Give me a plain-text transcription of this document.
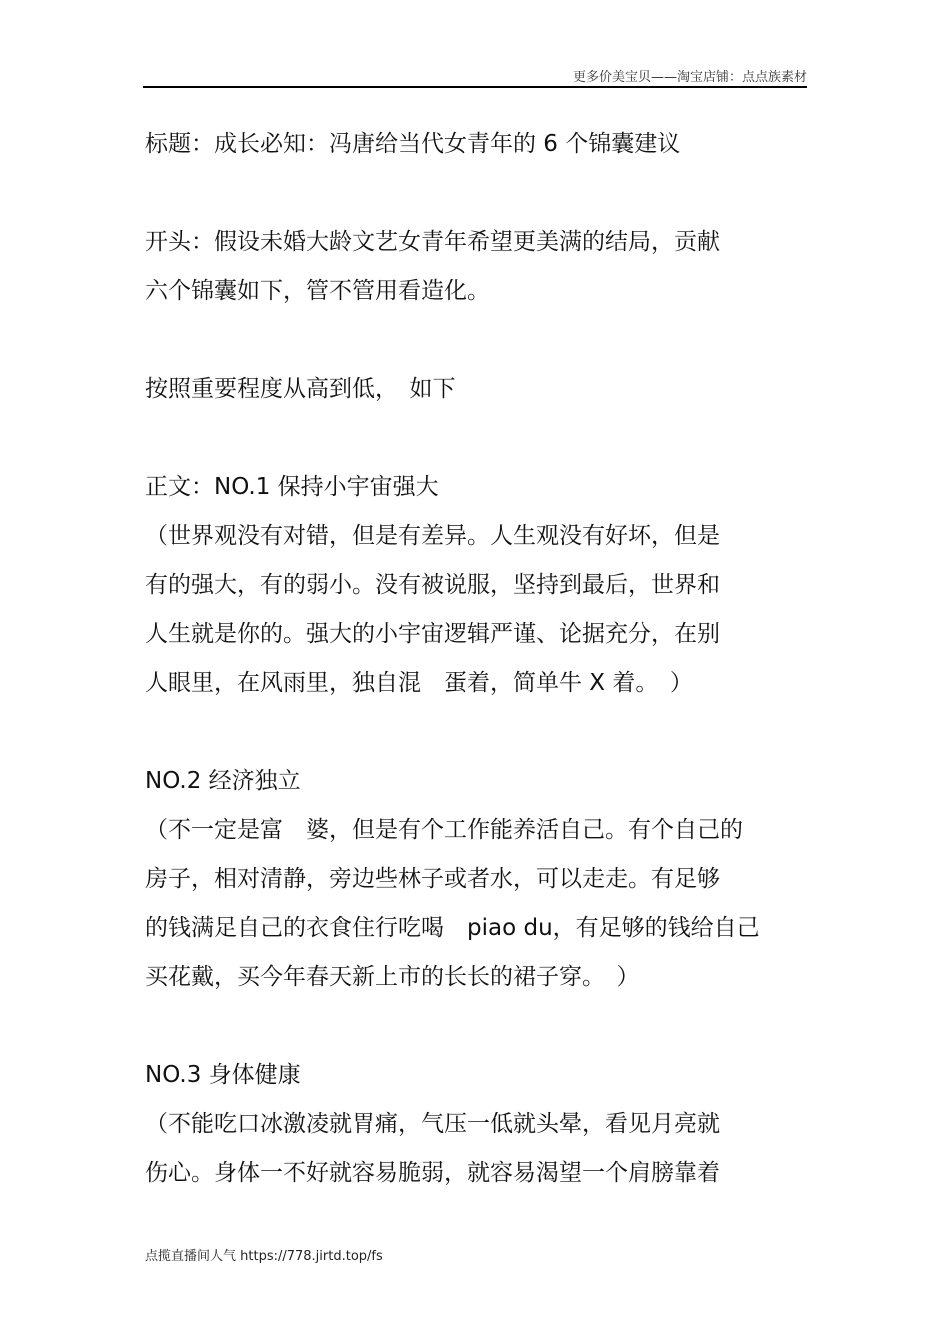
更多价美宝贝——淘宝店铺：点点族素材

标题：成长必知：冯唐给当代女青年的 6 个锦囊建议

开头：假设未婚大龄文艺女青年希望更美满的结局，贡献

六个锦囊如下，管不管用看造化。

按照重要程度从高到低，　如下

正文：NO.1 保持小宇宙强大

（世界观没有对错，但是有差异。人生观没有好坏，但是

有的强大，有的弱小。没有被说服，坚持到最后，世界和

人生就是你的。强大的小宇宙逻辑严谨、论据充分，在别

人眼里，在风雨里，独自混　蛋着，简单牛 X 着。　）

NO.2 经济独立

（不一定是富　婆，但是有个工作能养活自己。有个自己的

房子，相对清静，旁边些林子或者水，可以走走。有足够

的钱满足自己的衣食住行吃喝　piao du，有足够的钱给自己

买花戴，买今年春天新上市的长长的裙子穿。　）

NO.3 身体健康

（不能吃口冰激凌就胃痛，气压一低就头晕，看见月亮就

伤心。身体一不好就容易脆弱，就容易渴望一个肩膀靠着

点揽直播间人气 https://778.jirtd.top/fs
